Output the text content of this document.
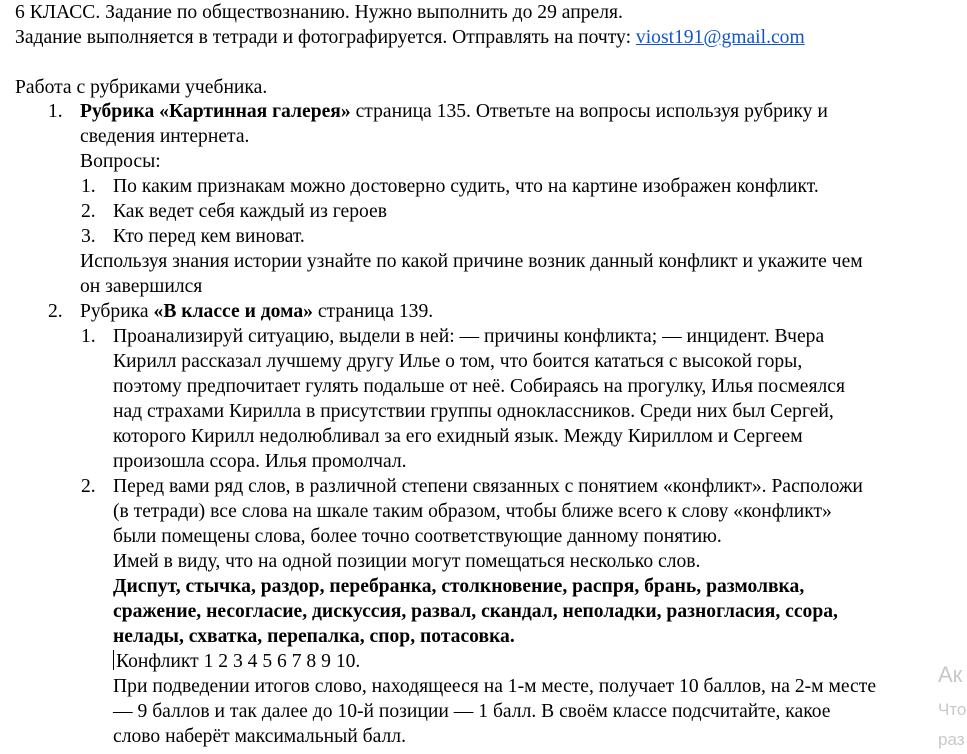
6 КЛАСС. Задание по обществознанию. Нужно выполнить до 29 апреля.
Задание выполняется в тетради и фотографируется. Отправлять на почту: viost191@gmail.com
Работа с рубриками учебника.
1. Рубрика «Картинная галерея» страница 135. Ответьте на вопросы используя рубрику и
сведения интернета.
Вопросы:
1. По каким признакам можно достоверно судить, что на картине изображен конфликт.
2. Как ведет себя каждый из героев
3. Кто перед кем виноват.
Используя знания истории узнайте по какой причине возник данный конфликт и укажите чем
он завершился
2. Рубрика «В классе и дома» страница 139.
1. Проанализируй ситуацию, выдели в ней: — причины конфликта; — инцидент. Вчера
Кирилл рассказал лучшему другу Илье о том, что боится кататься с высокой горы,
поэтому предпочитает гулять подальше от неё. Собираясь на прогулку, Илья посмеялся
над страхами Кирилла в присутствии группы одноклассников. Среди них был Сергей,
которого Кирилл недолюбливал за его ехидный язык. Между Кириллом и Сергеем
произошла ссора. Илья промолчал.
2. Перед вами ряд слов, в различной степени связанных с понятием «конфликт». Расположи
(в тетради) все слова на шкале таким образом, чтобы ближе всего к слову «конфликт»
были помещены слова, более точно соответствующие данному понятию.
Имей в виду, что на одной позиции могут помещаться несколько слов.
Диспут, стычка, раздор, перебранка, столкновение, распря, брань, размолвка,
сражение, несогласие, дискуссия, развал, скандал, неполадки, разногласия, ссора,
нелады, схватка, перепалка, спор, потасовка.
Конфликт 1 2 3 4 5 6 7 8 9 10.
При подведении итогов слово, находящееся на 1-м месте, получает 10 баллов, на 2-м месте
— 9 баллов и так далее до 10-й позиции — 1 балл. В своём классе подсчитайте, какое
слово наберёт максимальный балл.
Ак
Что
раз
